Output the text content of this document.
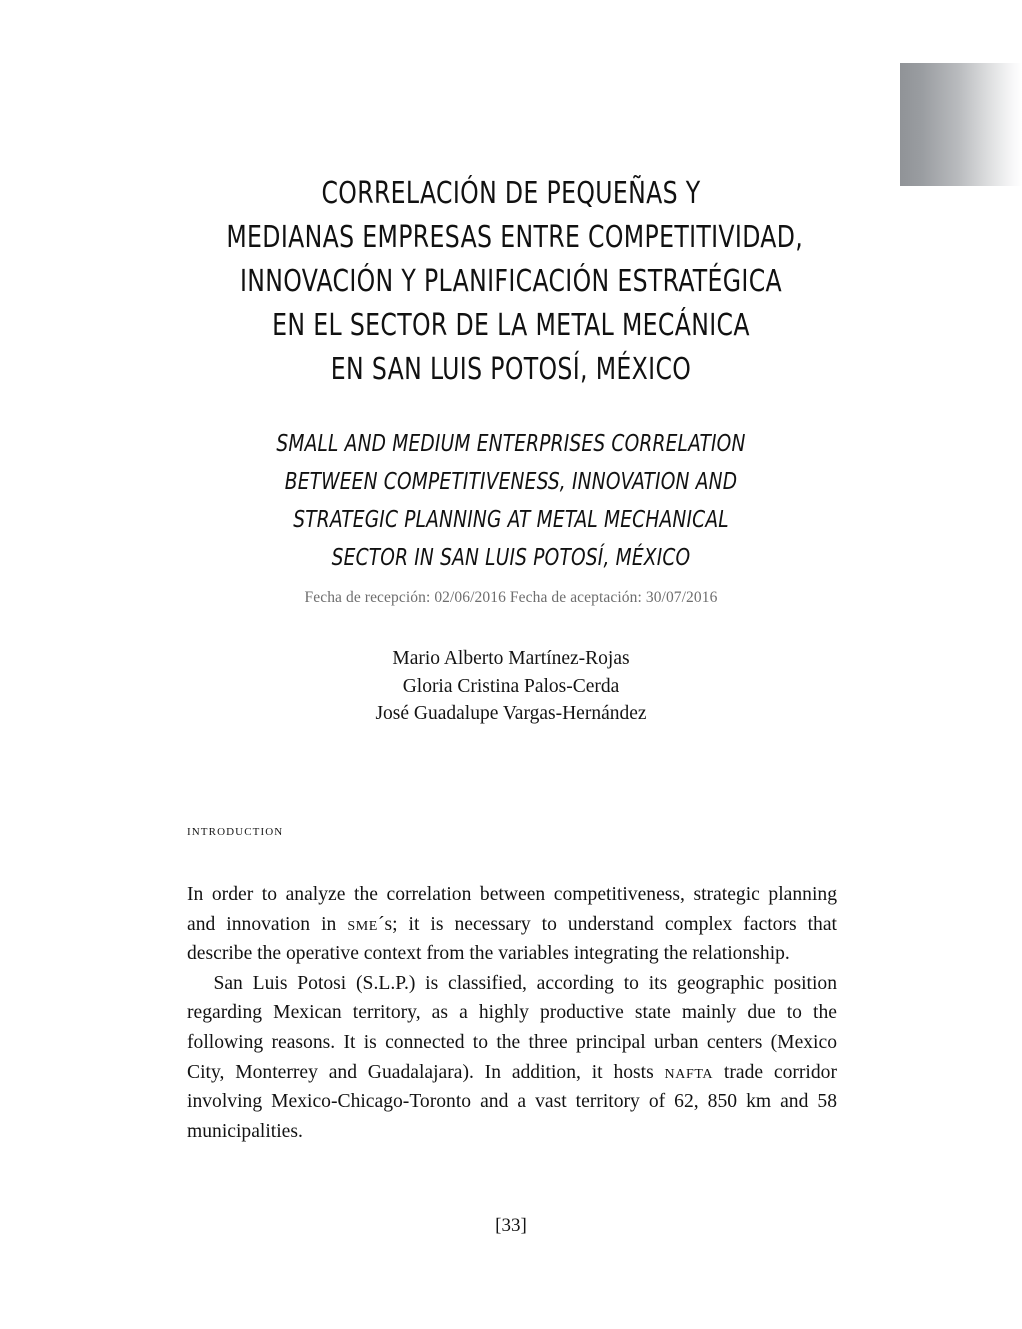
CORRELACIÓN DE PEQUEÑAS Y
MEDIANAS EMPRESAS ENTRE COMPETITIVIDAD,
INNOVACIÓN Y PLANIFICACIÓN ESTRATÉGICA
EN EL SECTOR DE LA METAL MECÁNICA
EN SAN LUIS POTOSÍ, MÉXICO
SMALL AND MEDIUM ENTERPRISES CORRELATION
BETWEEN COMPETITIVENESS, INNOVATION AND
STRATEGIC PLANNING AT METAL MECHANICAL
SECTOR IN SAN LUIS POTOSÍ, MÉXICO
Fecha de recepción: 02/06/2016 Fecha de aceptación: 30/07/2016
Mario Alberto Martínez-Rojas
Gloria Cristina Palos-Cerda
José Guadalupe Vargas-Hernández
introduction

In order to analyze the correlation between competitiveness, strategic planning and innovation in sme´s; it is necessary to understand complex factors that describe the operative context from the variables integrating the relationship.

San Luis Potosi (S.L.P.) is classified, according to its geographic position regarding Mexican territory, as a highly productive state mainly due to the following reasons. It is connected to the three principal urban centers (Mexico City, Monterrey and Guadalajara). In addition, it hosts nafta trade corridor involving Mexico-Chicago-Toronto and a vast territory of 62, 850 km and 58 municipalities.

[33]
